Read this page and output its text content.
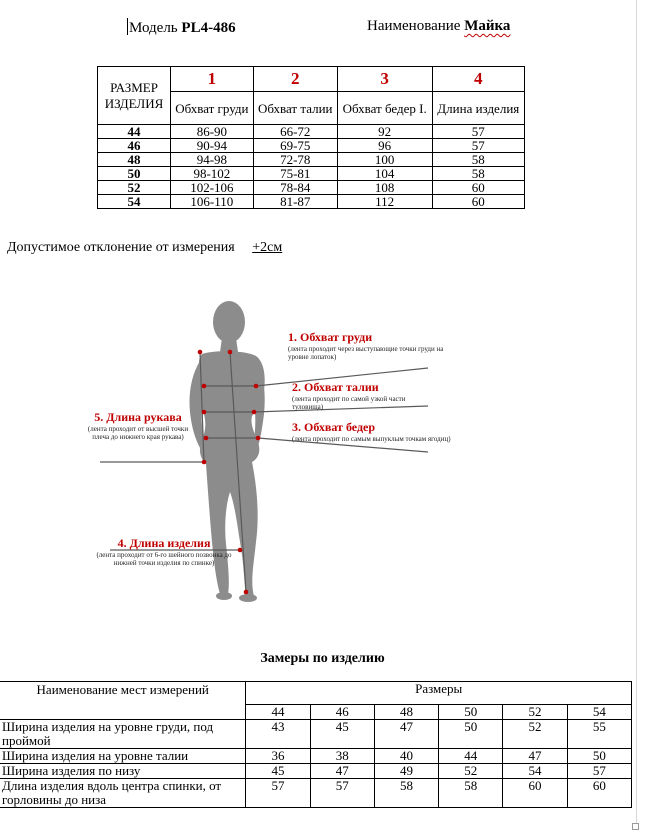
Модель PL4-486	Наименование Майка
РАЗМЕР ИЗДЕЛИЯ	1	2	3	4
	Обхват груди	Обхват талии	Обхват бедер I.	Длина изделия
44	86-90	66-72	92	57
46	90-94	69-75	96	57
48	94-98	72-78	100	58
50	98-102	75-81	104	58
52	102-106	78-84	108	60
54	106-110	81-87	112	60
Допустимое отклонение от измерения +2см
1. Обхват груди
(лента проходит через выступающие точки груди на уровне лопаток)
2. Обхват талии
(лента проходит по самой узкой части туловища)
3. Обхват бедер
(лента проходит по самым выпуклым точкам ягодиц)
4. Длина изделия
(лента проходит от 6-го шейного позвонка до нижней точки изделия по спинке)
5. Длина рукава
(лента проходит от высшей точки плеча до нижнего края рукава)
Замеры по изделию
Наименование мест измерений	Размеры					
	44	46	48	50	52	54
Ширина изделия на уровне груди, под проймой	43	45	47	50	52	55
Ширина изделия на уровне талии	36	38	40	44	47	50
Ширина изделия по низу	45	47	49	52	54	57
Длина изделия вдоль центра спинки, от горловины до низа	57	57	58	58	60	60
